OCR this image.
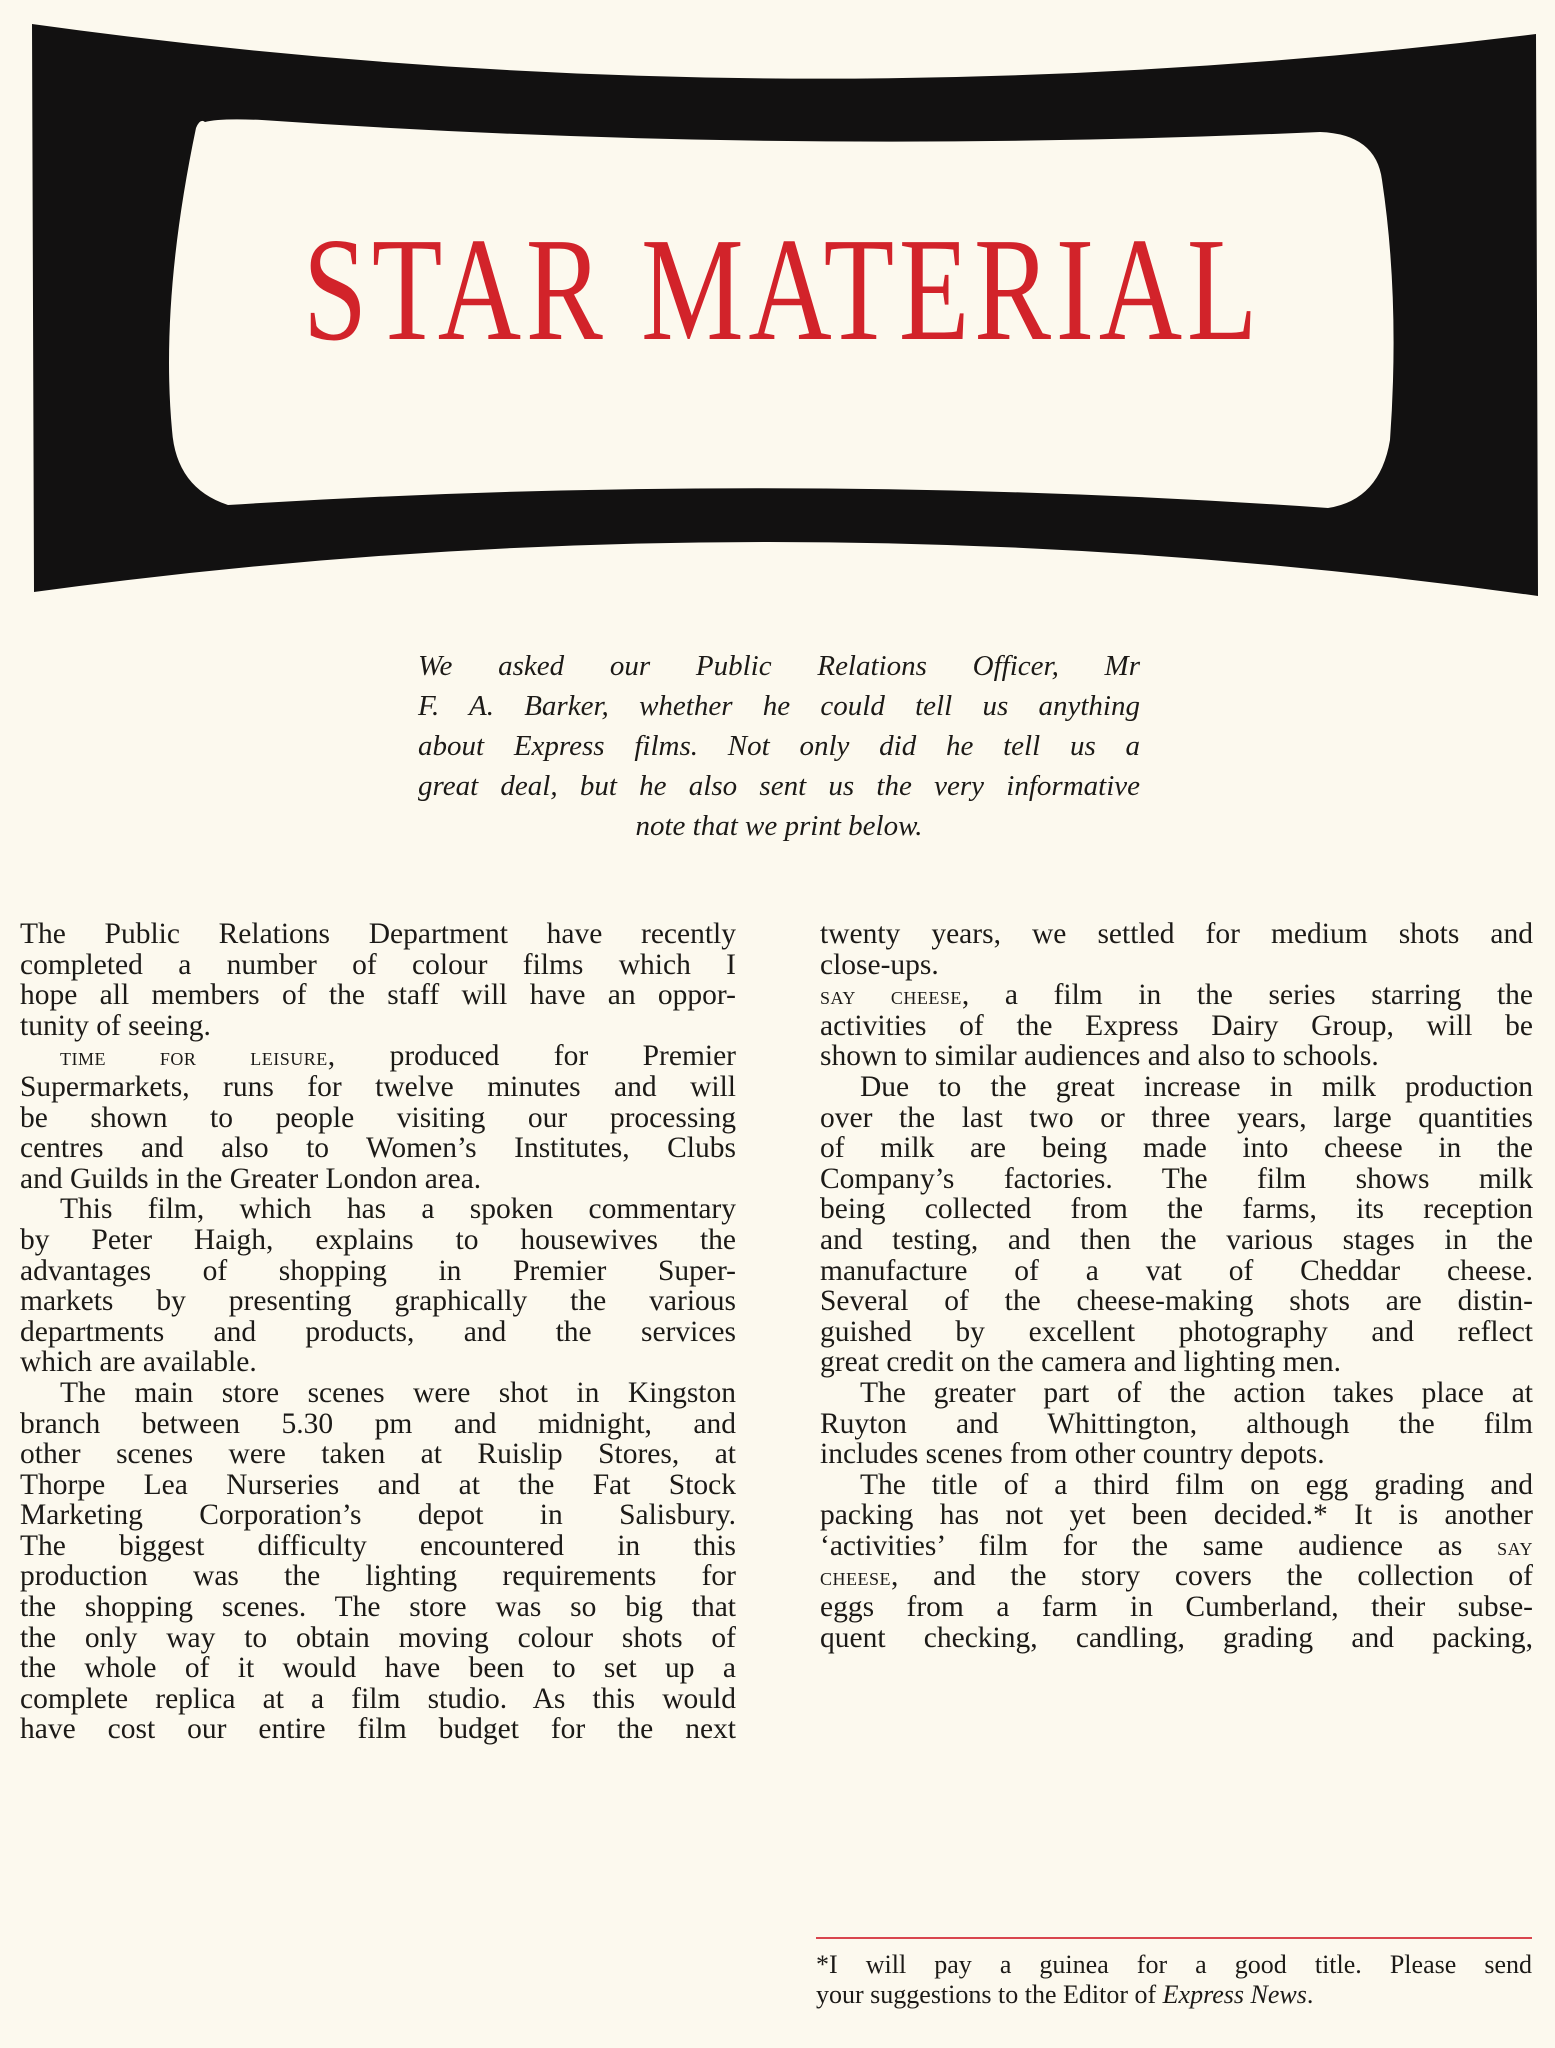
STAR MATERIAL
We asked our Public Relations Officer, Mr
F. A. Barker, whether he could tell us anything
about Express films. Not only did he tell us a
great deal, but he also sent us the very informative
note that we print below.
The Public Relations Department have recently
completed a number of colour films which I
hope all members of the staff will have an oppor-
tunity of seeing.
time for leisure, produced for Premier
Supermarkets, runs for twelve minutes and will
be shown to people visiting our processing
centres and also to Women’s Institutes, Clubs
and Guilds in the Greater London area.
This film, which has a spoken commentary
by Peter Haigh, explains to housewives the
advantages of shopping in Premier Super-
markets by presenting graphically the various
departments and products, and the services
which are available.
The main store scenes were shot in Kingston
branch between 5.30 pm and midnight, and
other scenes were taken at Ruislip Stores, at
Thorpe Lea Nurseries and at the Fat Stock
Marketing Corporation’s depot in Salisbury.
The biggest difficulty encountered in this
production was the lighting requirements for
the shopping scenes. The store was so big that
the only way to obtain moving colour shots of
the whole of it would have been to set up a
complete replica at a film studio. As this would
have cost our entire film budget for the next
twenty years, we settled for medium shots and
close-ups.
say cheese, a film in the series starring the
activities of the Express Dairy Group, will be
shown to similar audiences and also to schools.
Due to the great increase in milk production
over the last two or three years, large quantities
of milk are being made into cheese in the
Company’s factories. The film shows milk
being collected from the farms, its reception
and testing, and then the various stages in the
manufacture of a vat of Cheddar cheese.
Several of the cheese-making shots are distin-
guished by excellent photography and reflect
great credit on the camera and lighting men.
The greater part of the action takes place at
Ruyton and Whittington, although the film
includes scenes from other country depots.
The title of a third film on egg grading and
packing has not yet been decided.* It is another
‘activities’ film for the same audience as say
cheese, and the story covers the collection of
eggs from a farm in Cumberland, their subse-
quent checking, candling, grading and packing,
*I will pay a guinea for a good title. Please send
your suggestions to the Editor of Express News.
